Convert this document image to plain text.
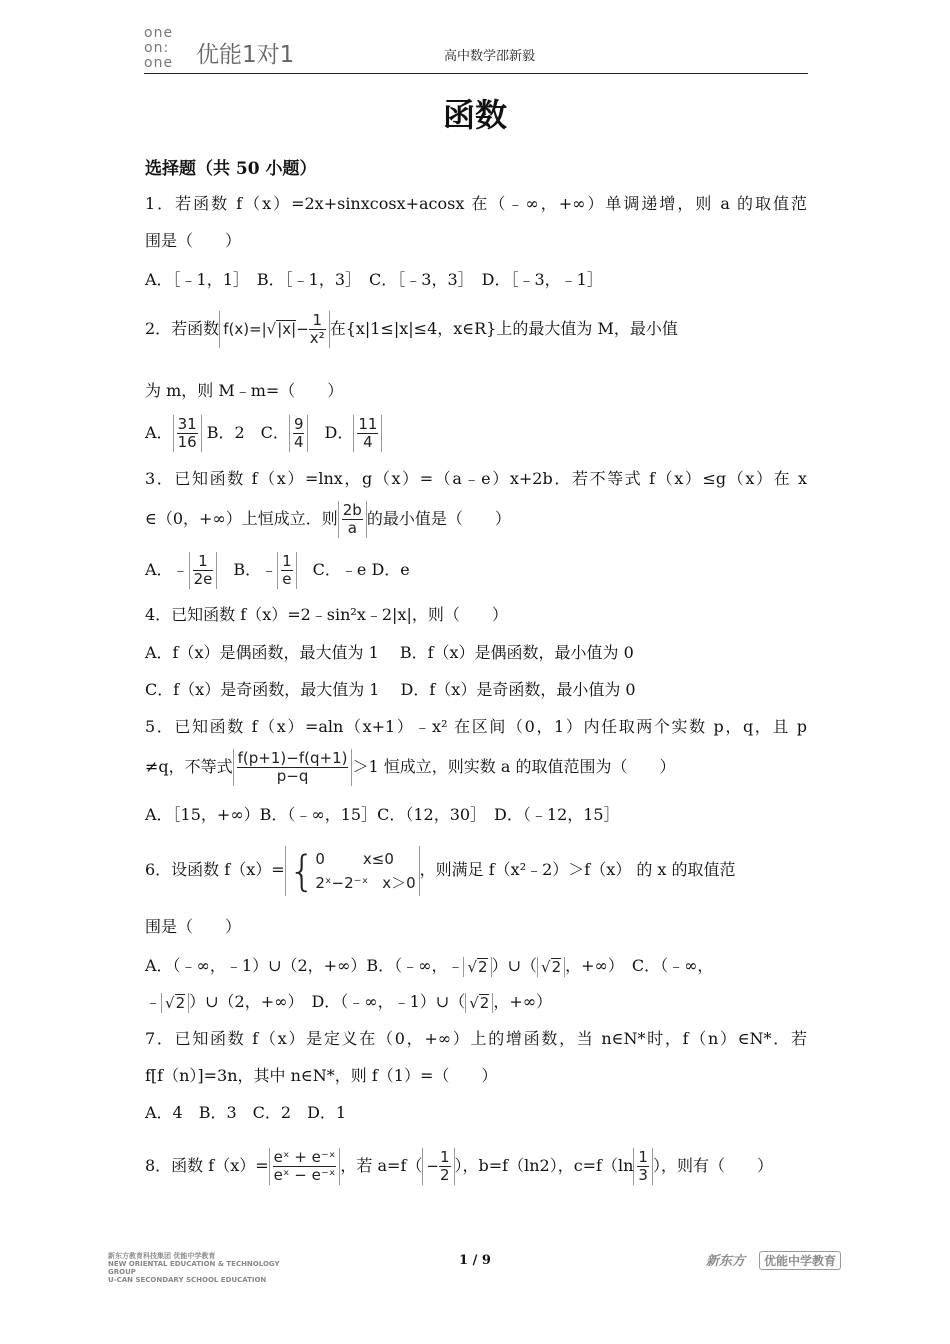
one on: one 优能1对1	高中数学邵新毅
函数
选择题（共 50 小题）
1．若函数 f（x）=2x+sinxcosx+acosx 在（﹣∞，+∞）单调递增，则 a 的取值范
围是（　　）
A．［﹣1，1］　B．［﹣1，3］　C．［﹣3，3］　D．［﹣3，﹣1］
2．若函数 $f(x)=|√|x|- \frac{1}{\text{x²}}$ 在{x|1≤|x|≤4，x∈R}上的最大值为 M，最小值
为 m，则 M﹣m=（　　）
A． $\frac{31}{16}$ B．2　C． $\frac{9}{4}$ 　D． $\frac{11}{4}$
3．已知函数 f（x）=lnx，g（x）=（a﹣e）x+2b．若不等式 f（x）≤g（x）在 x
∈（0，+∞）上恒成立．则 $\frac{2b}{a}$ 的最小值是（　　）
A．﹣ $\frac{1}{2e}$ 　B．﹣ $\frac{1}{e}$ 　C．﹣e D．e
4．已知函数 f（x）=2﹣sin²x﹣2|x|，则（　　）
A．f（x）是偶函数，最大值为 1　 B．f（x）是偶函数，最小值为 0
C．f（x）是奇函数，最大值为 1　 D．f（x）是奇函数，最小值为 0
5．已知函数 f（x）=aln（x+1）﹣x² 在区间（0，1）内任取两个实数 p，q，且 p
≠q，不等式 $\frac{f(p+1)-f(q+1)}{p-q} >1$ 恒成立，则实数 a 的取值范围为（　　）
A．［15，+∞）B．（﹣∞，15］C．（12，30］　D．（﹣12，15］
6．设函数 f（x）={ 0	x≤0
2ˣ−2⁻ˣ x＞0
，则满足 f（x²﹣2）＞f（x） 的 x 的取值范
围是（　　）
A．（﹣∞，﹣1）∪（2，+∞）B．（﹣∞，﹣ √2 ）∪（ √2 ，+∞）　C．（﹣∞，
﹣ √2 ）∪（2，+∞）　D．（﹣∞，﹣1）∪（ √2 ，+∞）
7．已知函数 f（x）是定义在（0，+∞）上的增函数，当 n∈N*时，f（n）∈N*．若
f[f（n）]=3n，其中 n∈N*，则 f（1）=（　　）
A．4　B．3　C．2　D．1
8．函数 $f(x)= \frac{\text{eˣ + e⁻ˣ}}{\text{eˣ − e⁻ˣ}}$ ，若 $a=f( - \frac{1}{2}$ ），b=f（ln2），$c=f(\ln \frac{1}{3}$ ），则有（　　）
新东方教育科技集团 优能中学教育
NEW ORIENTAL EDUCATION & TECHNOLOGY GROUP
U-CAN SECONDARY SCHOOL EDUCATION
1 / 9	新东方 优能中学教育
